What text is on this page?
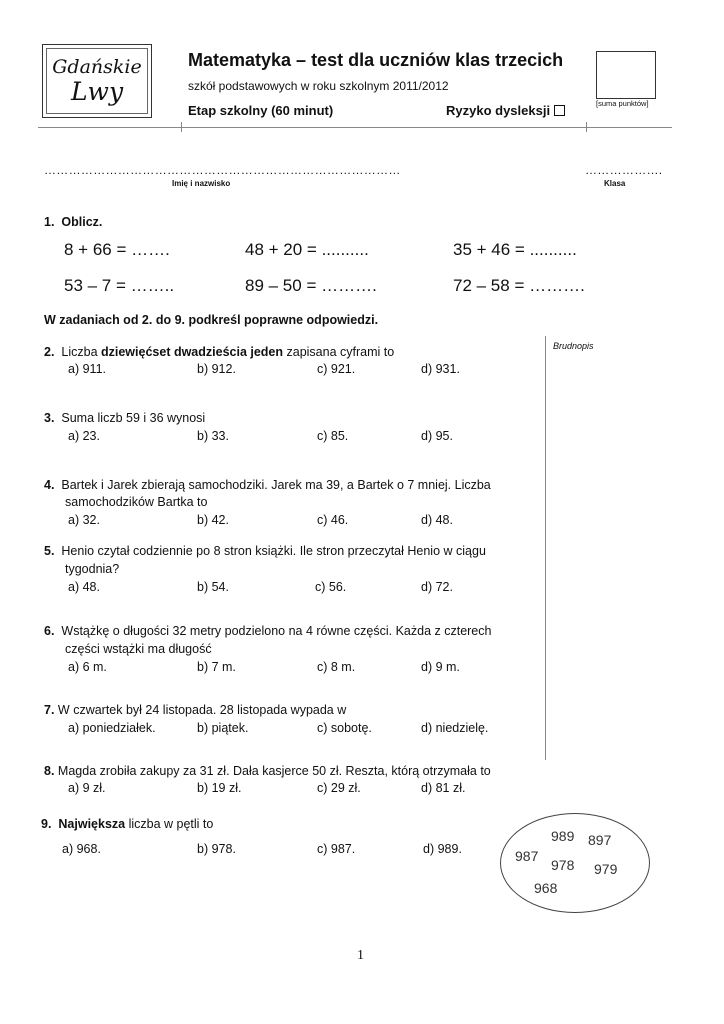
Gdańskie
Lwy
Matematyka – test dla uczniów klas trzecich
szkół podstawowych w roku szkolnym 2011/2012
Etap szkolny (60 minut)	Ryzyko dysleksji	[suma punktów]
……………………………………………………………………………
Imię i nazwisko
……………….
Klasa
1. Oblicz.
8 + 66 = …….	48 + 20 = ..........	35 + 46 = ..........
53 – 7 = ……..	89 – 50 = ……….	72 – 58 = ……….
W zadaniach od 2. do 9. podkreśl poprawne odpowiedzi.
Brudnopis
2. Liczba dziewięćset dwadzieścia jeden zapisana cyframi to
a) 911.	b) 912.	c) 921.	d) 931.
3. Suma liczb 59 i 36 wynosi
a) 23.	b) 33.	c) 85.	d) 95.
4. Bartek i Jarek zbierają samochodziki. Jarek ma 39, a Bartek o 7 mniej. Liczba
samochodzików Bartka to
a) 32.	b) 42.	c) 46.	d) 48.
5. Henio czytał codziennie po 8 stron książki. Ile stron przeczytał Henio w ciągu
tygodnia?
a) 48.	b) 54.	c) 56.	d) 72.
6. Wstążkę o długości 32 metry podzielono na 4 równe części. Każda z czterech
części wstążki ma długość
a) 6 m.	b) 7 m.	c) 8 m.	d) 9 m.
7. W czwartek był 24 listopada. 28 listopada wypada w
a) poniedziałek.	b) piątek.	c) sobotę.	d) niedzielę.
8. Magda zrobiła zakupy za 31 zł. Dała kasjerce 50 zł. Reszta, którą otrzymała to
a) 9 zł.	b) 19 zł.	c) 29 zł.	d) 81 zł.
9. Największa liczba w pętli to
a) 968.	b) 978.	c) 987.	d) 989.
989 897
987
978 979
968
1
